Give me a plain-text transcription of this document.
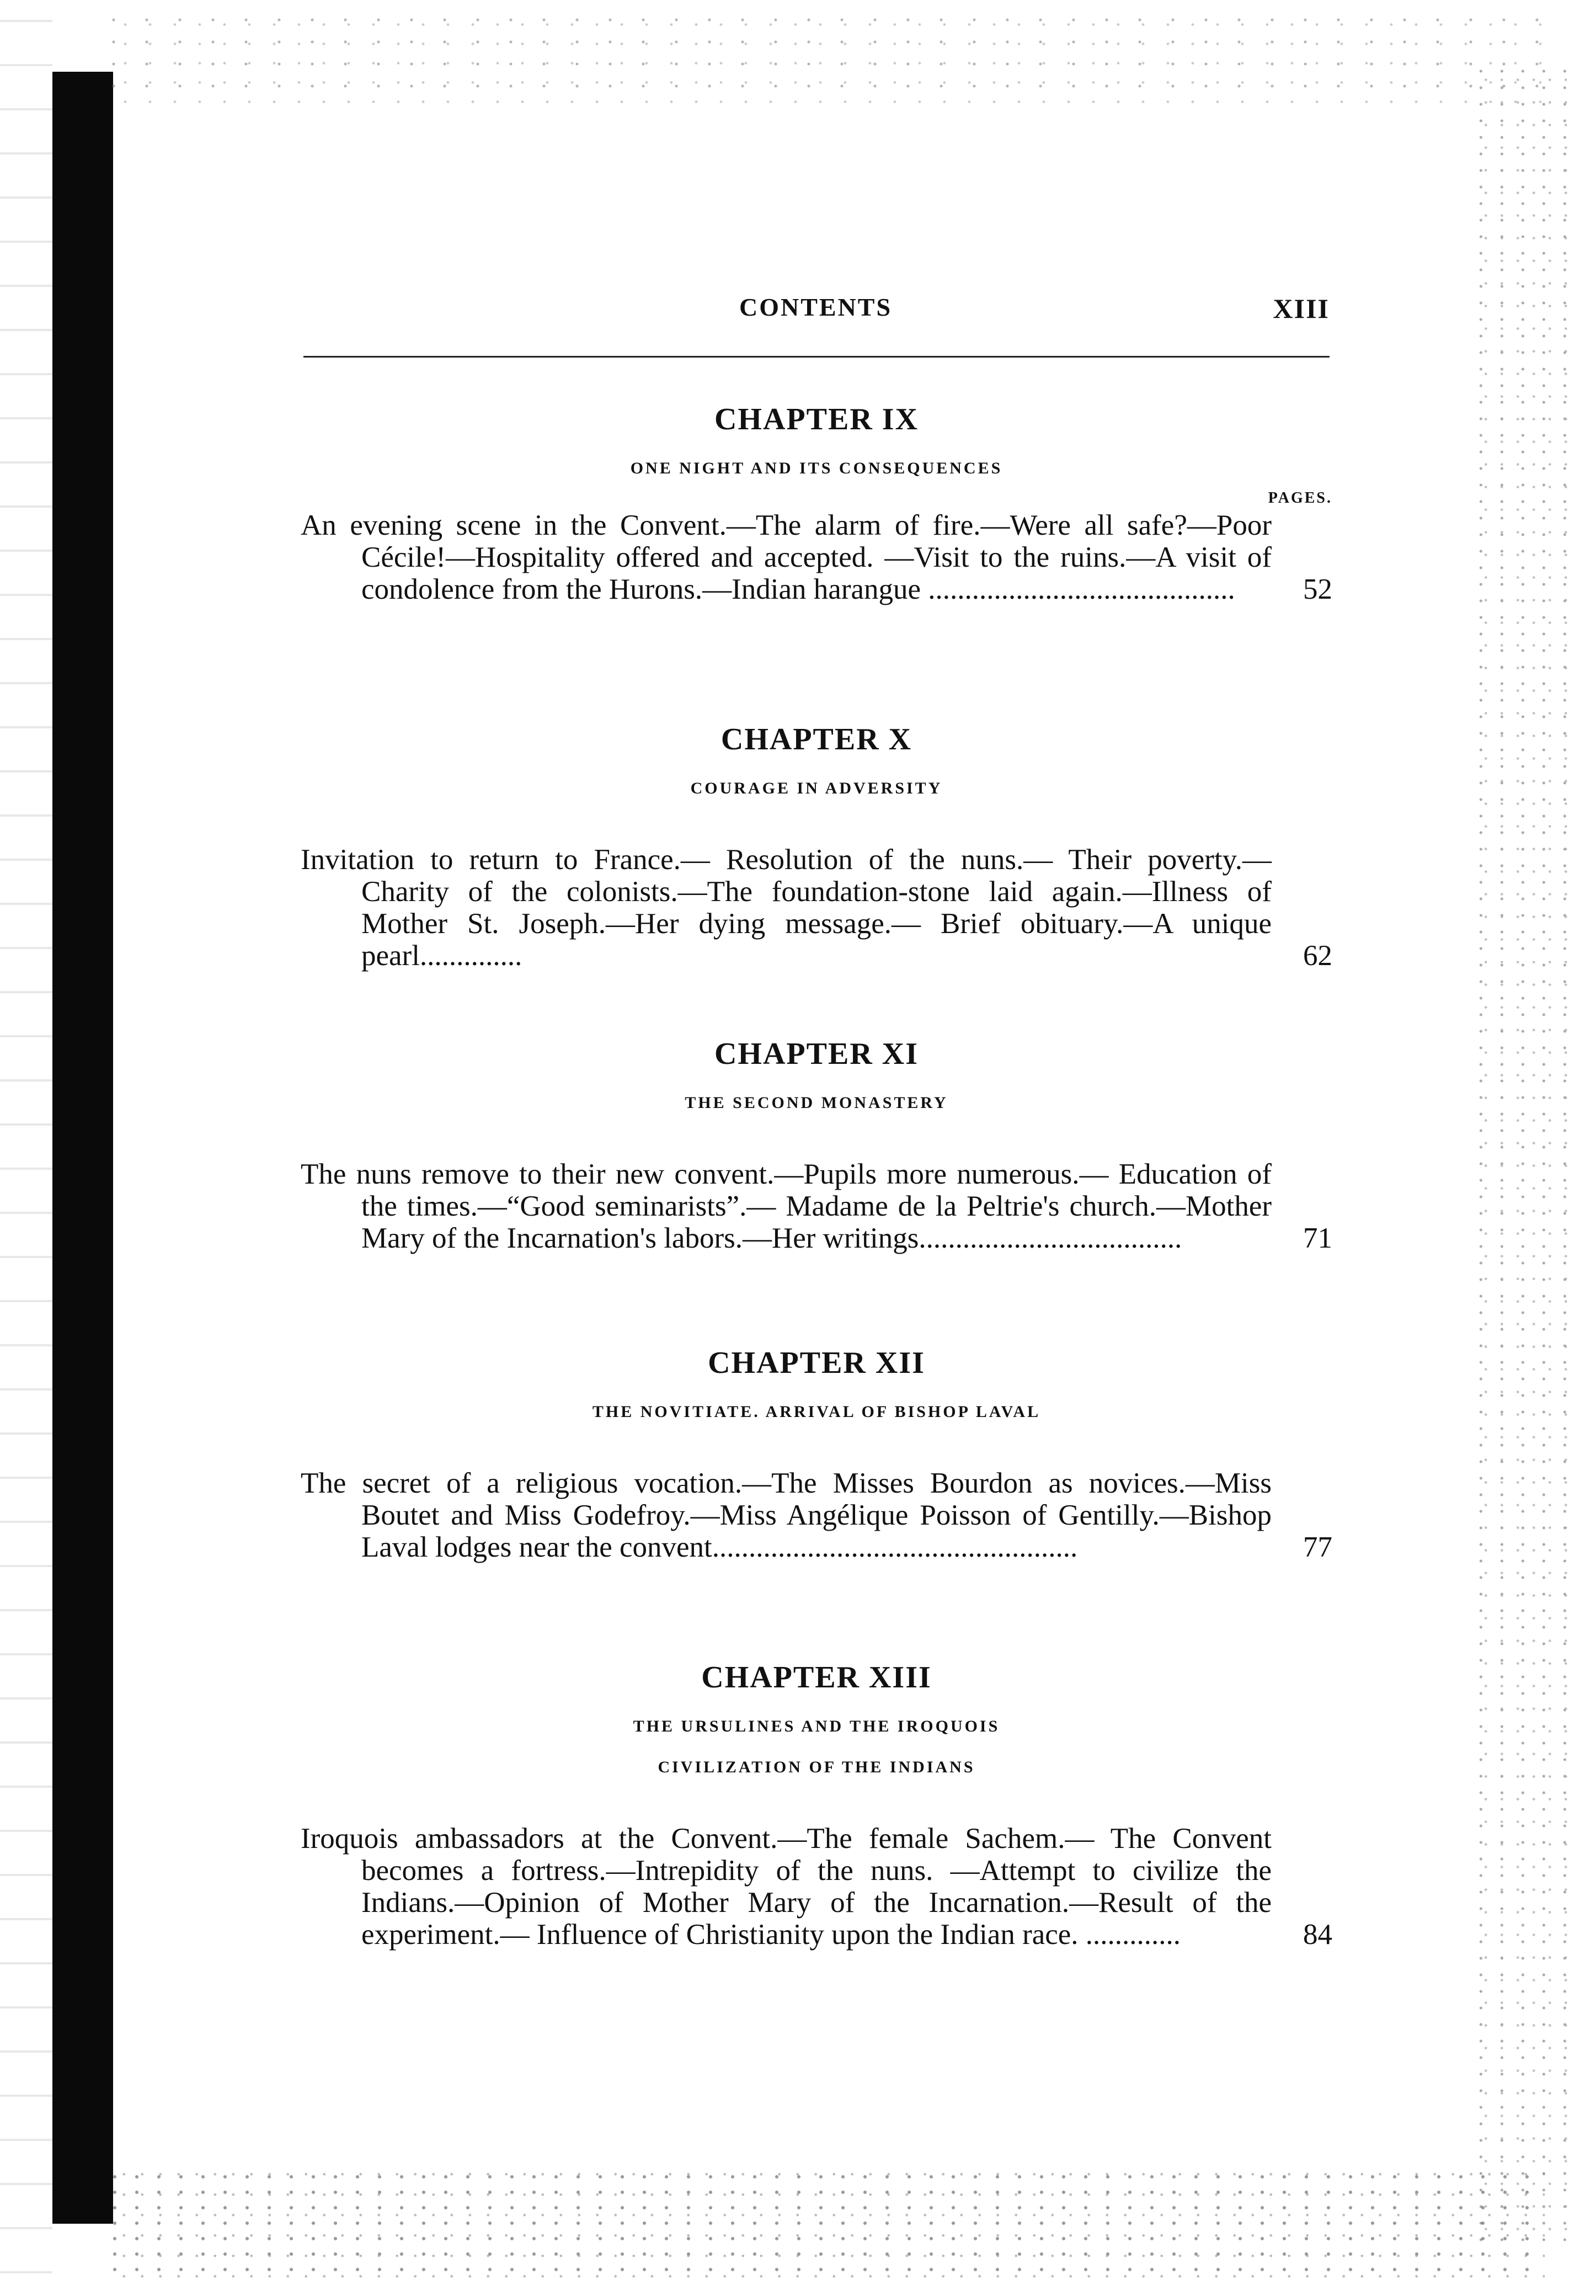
CONTENTS	XIII
CHAPTER IX

ONE NIGHT AND ITS CONSEQUENCES

PAGES.

An evening scene in the Convent.—The alarm of fire.—Were all safe?—Poor Cécile!—Hospitality offered and accepted. —Visit to the ruins.—A visit of condolence from the Hurons.—Indian harangue .......................................... 52

CHAPTER X

COURAGE IN ADVERSITY

Invitation to return to France.— Resolution of the nuns.— Their poverty.—Charity of the colonists.—The foundation-stone laid again.—Illness of Mother St. Joseph.—Her dying message.— Brief obituary.—A unique pearl..............	62

CHAPTER XI

THE SECOND MONASTERY

The nuns remove to their new convent.—Pupils more numerous.— Education of the times.—“Good seminarists”.— Madame de la Peltrie's church.—Mother Mary of the Incarnation's labors.—Her writings....................................	71

CHAPTER XII

THE NOVITIATE. ARRIVAL OF BISHOP LAVAL

The secret of a religious vocation.—The Misses Bourdon as novices.—Miss Boutet and Miss Godefroy.—Miss Angélique Poisson of Gentilly.—Bishop Laval lodges near the convent..................................................	77

CHAPTER XIII

THE URSULINES AND THE IROQUOIS

CIVILIZATION OF THE INDIANS

Iroquois ambassadors at the Convent.—The female Sachem.— The Convent becomes a fortress.—Intrepidity of the nuns. —Attempt to civilize the Indians.—Opinion of Mother Mary of the Incarnation.—Result of the experiment.— Influence of Christianity upon the Indian race. .............	84
